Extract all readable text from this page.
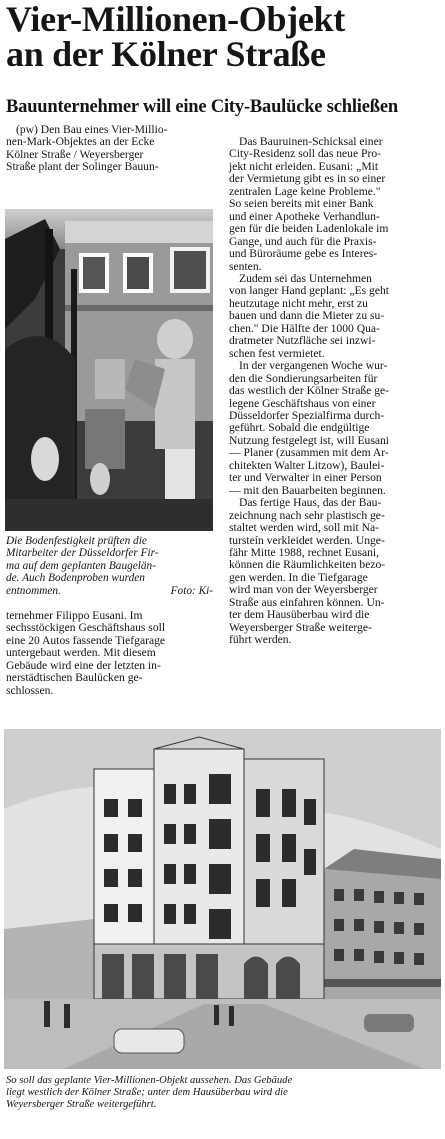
Vier-Millionen-Objekt
an der Kölner Straße
Bauunternehmer will eine City-Baulücke schließen

(pw) Den Bau eines Vier-Millio-

nen-Mark-Objektes an der Ecke

Kölner Straße / Weyersberger

Straße plant der Solinger Bauun-

Die Bodenfestigkeit prüften die
Mitarbeiter der Düsseldorfer Fir-
ma auf dem geplanten Baugelän-
de. Auch Bodenproben wurden
entnommen.	Foto: Ki-

ternehmer Filippo Eusani. Im

sechsstöckigen Geschäftshaus soll

eine 20 Autos fassende Tiefgarage

untergebaut werden. Mit diesem

Gebäude wird eine der letzten in-

nerstädtischen Baulücken ge-

schlossen.

Das Bauruinen-Schicksal einer

City-Residenz soll das neue Pro-

jekt nicht erleiden. Eusani: „Mit

der Vermietung gibt es in so einer

zentralen Lage keine Probleme."

So seien bereits mit einer Bank

und einer Apotheke Verhandlun-

gen für die beiden Ladenlokale im

Gange, und auch für die Praxis-

und Büroräume gebe es Interes-

senten.

Zudem sei das Unternehmen

von langer Hand geplant: „Es geht

heutzutage nicht mehr, erst zu

bauen und dann die Mieter zu su-

chen." Die Hälfte der 1000 Qua-

dratmeter Nutzfläche sei inzwi-

schen fest vermietet.

In der vergangenen Woche wur-

den die Sondierungsarbeiten für

das westlich der Kölner Straße ge-

legene Geschäftshaus von einer

Düsseldorfer Spezialfirma durch-

geführt. Sobald die endgültige

Nutzung festgelegt ist, will Eusani

— Planer (zusammen mit dem Ar-

chitekten Walter Litzow), Baulei-

ter und Verwalter in einer Person

— mit den Bauarbeiten beginnen.

Das fertige Haus, das der Bau-

zeichnung nach sehr plastisch ge-

staltet werden wird, soll mit Na-

tursteín verkleidet werden. Unge-

fähr Mitte 1988, rechnet Eusani,

können die Räumlichkeiten bezo-

gen werden. In die Tiefgarage

wird man von der Weyersberger

Straße aus einfahren können. Un-

ter dem Hausüberbau wird die

Weyersberger Straße weiterge-

führt werden.

So soll das geplante Vier-Millionen-Objekt aussehen. Das Gebäude
liegt westlich der Kölner Straße; unter dem Hausüberbau wird die
Weyersberger Straße weitergeführt.
